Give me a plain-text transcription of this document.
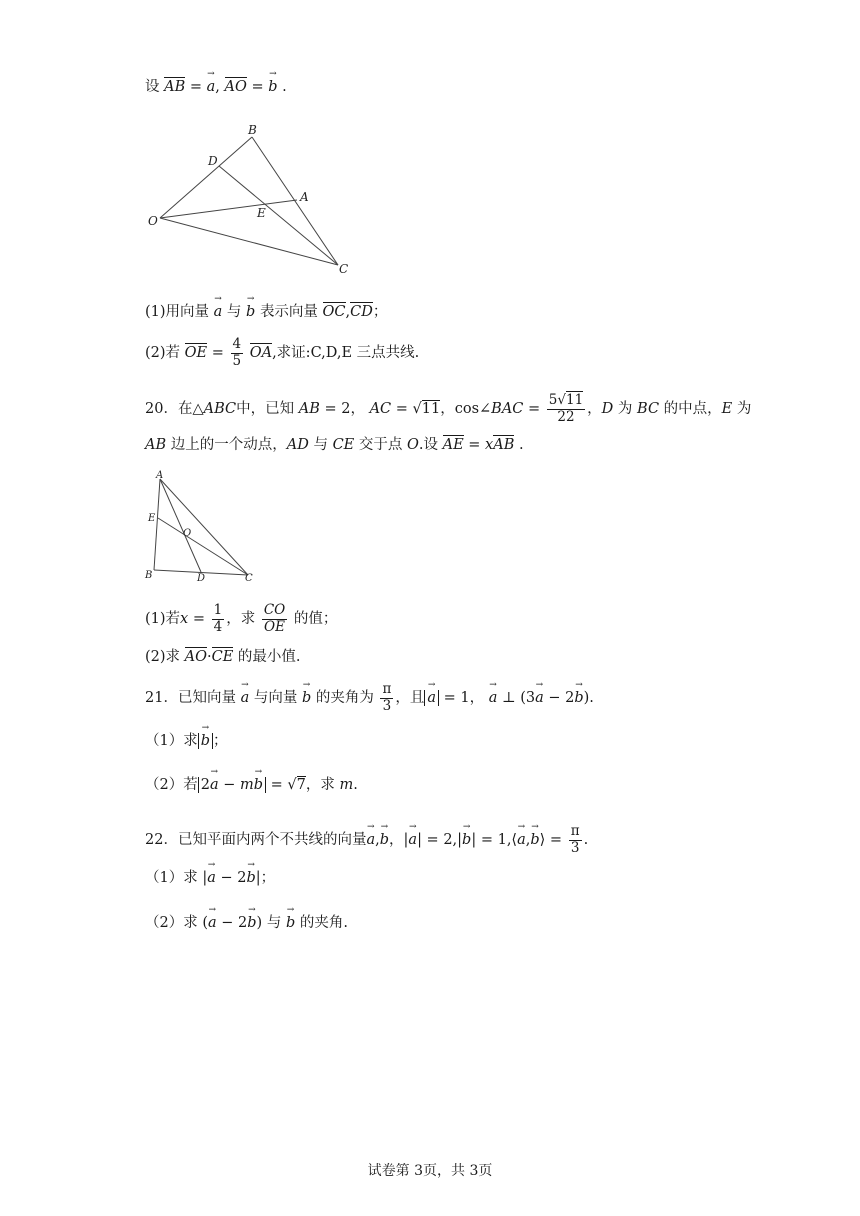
设 AB = → a, AO = → b .
B
D
A
E
O
C
(1)用向量 → a 与 → b 表示向量 OC,CD；
(2)若 OE = $\frac{4}{5}$ OA,求证:C,D,E 三点共线.
20．在△ABC中，已知 AB = 2， AC = √11，cos∠BAC = $\frac{5√11}{22}$ ，D 为 BC 的中点，E 为
AB 边上的一个动点，AD 与 CE 交于点 O.设 AE = xAB .
A
E
O
B	D	C
(1)若$x = \frac{1}{4}$ ，求 $\frac{CO}{OE}$ 的值；
(2)求 AO·CE 的最小值.
21．已知向量 → a 与向量 → b 的夹角为 $\frac{\pi}{3}$ ，且 → a = 1， → a ⊥ (3→ a − 2→ b).
（1）求 → b ；
（2）若 2→ a − m→ b = √7，求 m.
22．已知平面内两个不共线的向量→ a,→ b，|→ a| = 2,|→ b| = 1,⟨→ a,→ b⟩ = $\frac{\pi}{3}$ .
（1）求 |→ a − 2→ b|；
（2）求 (→ a − 2→ b) 与 → b 的夹角.
试卷第 3页，共 3页
